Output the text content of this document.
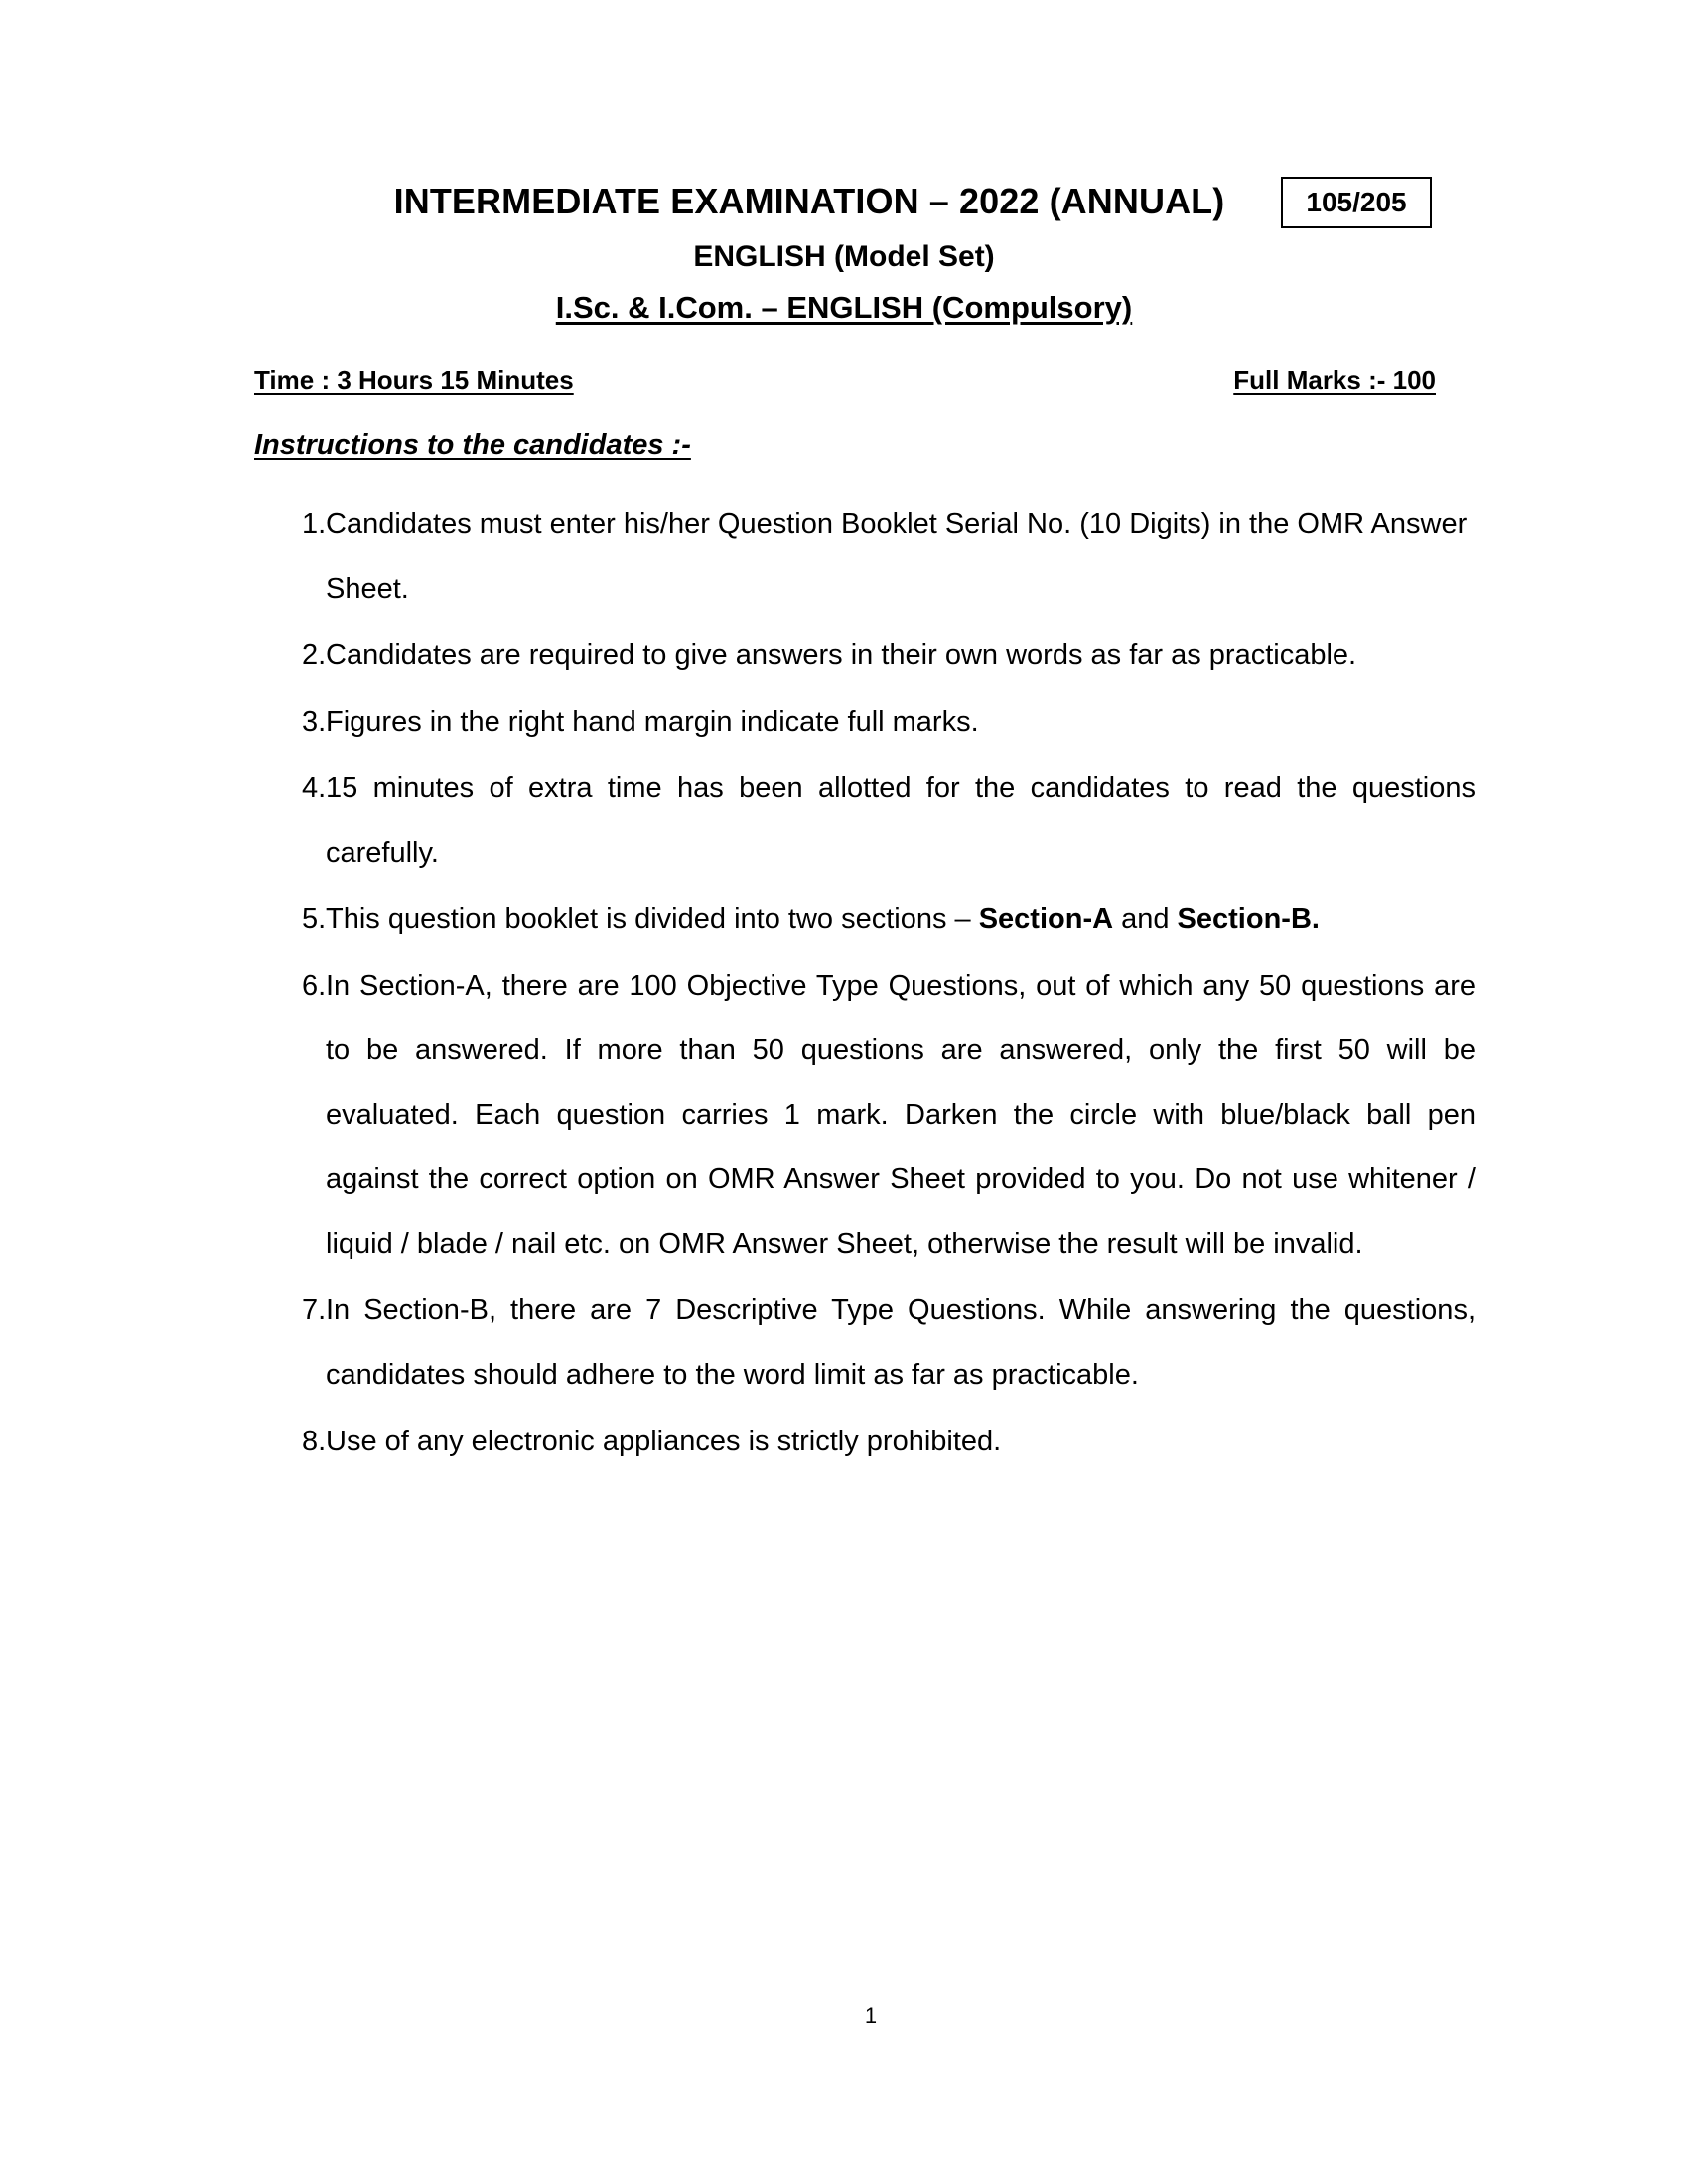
INTERMEDIATE EXAMINATION – 2022 (ANNUAL)	105/205
ENGLISH (Model Set)
I.Sc. & I.Com. – ENGLISH (Compulsory)
Time : 3 Hours 15 Minutes	Full Marks :- 100
Instructions to the candidates :-
1. Candidates must enter his/her Question Booklet Serial No. (10 Digits) in the OMR Answer Sheet.
2. Candidates are required to give answers in their own words as far as practicable.
3. Figures in the right hand margin indicate full marks.
4. 15 minutes of extra time has been allotted for the candidates to read the questions carefully.
5. This question booklet is divided into two sections – Section-A and Section-B.
6. In Section-A, there are 100 Objective Type Questions, out of which any 50 questions are to be answered. If more than 50 questions are answered, only the first 50 will be evaluated. Each question carries 1 mark. Darken the circle with blue/black ball pen against the correct option on OMR Answer Sheet provided to you. Do not use whitener / liquid / blade / nail etc. on OMR Answer Sheet, otherwise the result will be invalid.
7. In Section-B, there are 7 Descriptive Type Questions. While answering the questions, candidates should adhere to the word limit as far as practicable.
8. Use of any electronic appliances is strictly prohibited.
1
